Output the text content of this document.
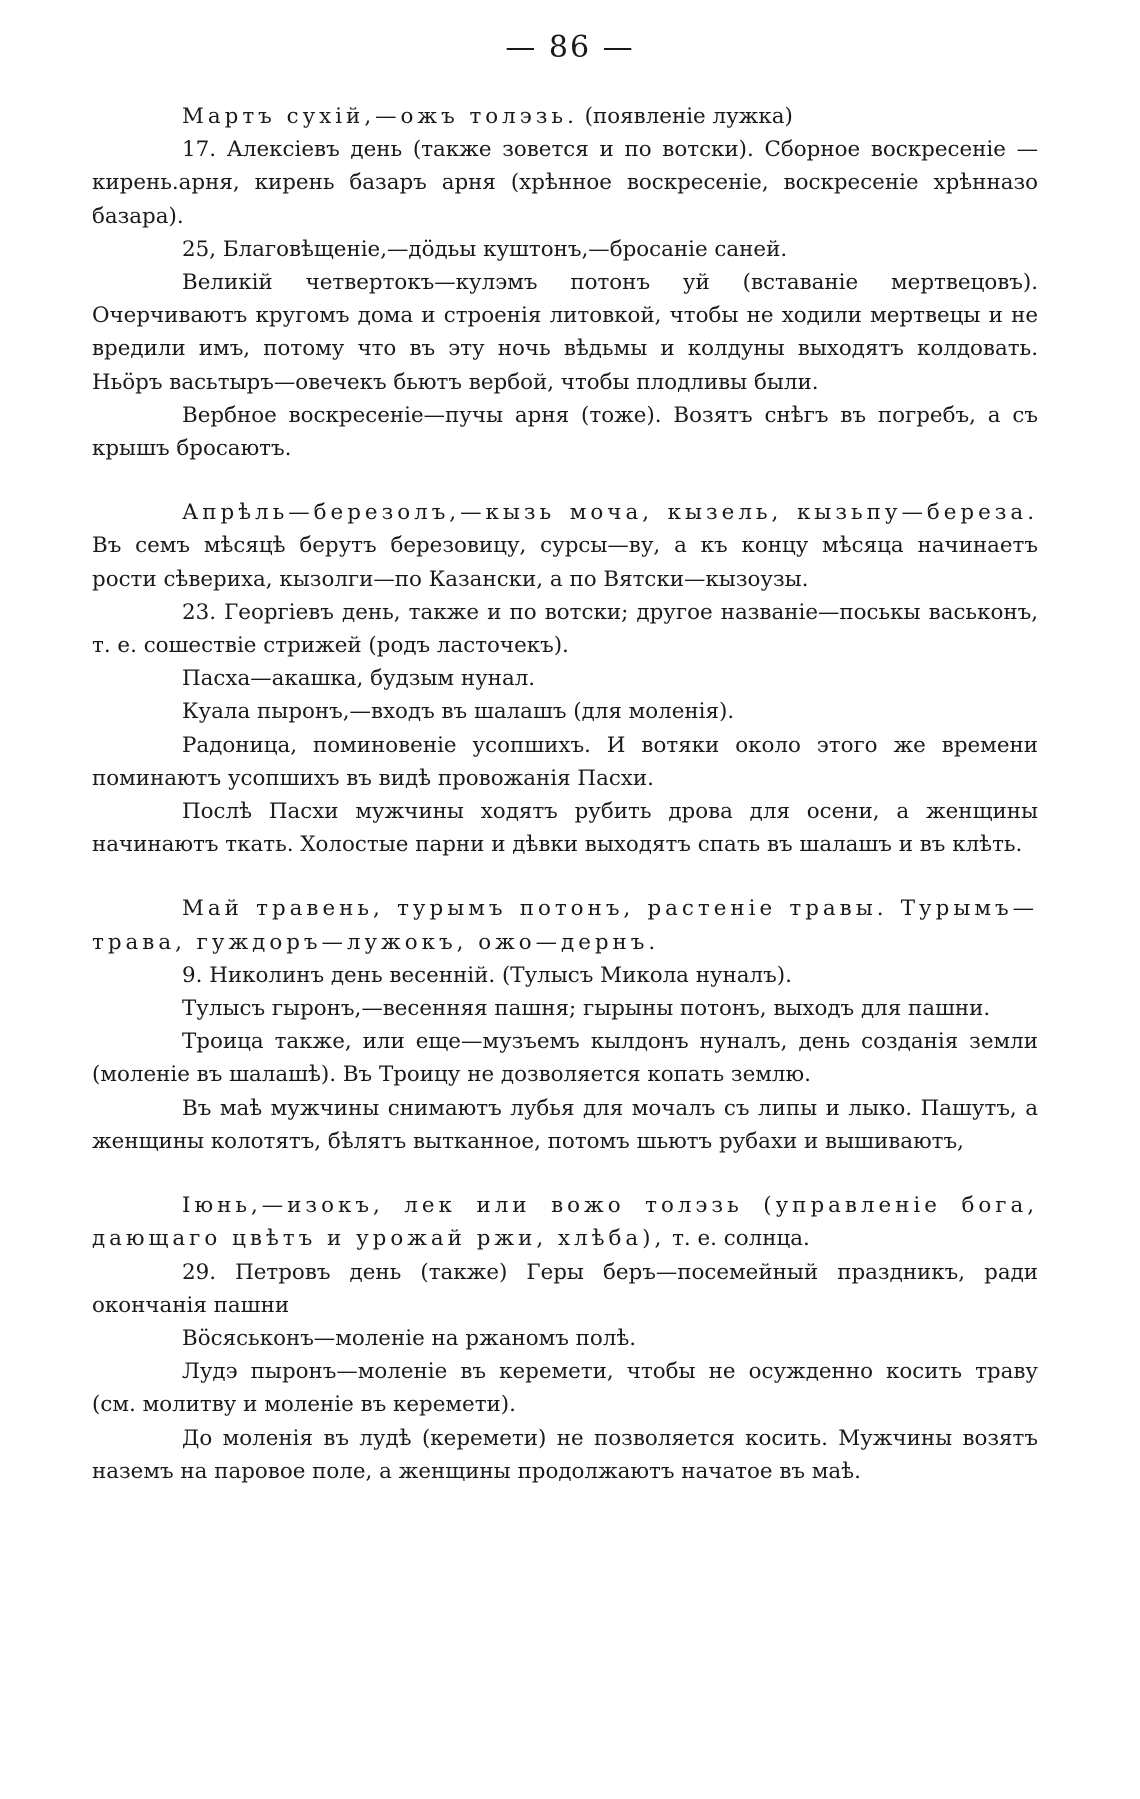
— 86 —

Мартъ сухій,—ожъ толэзь. (появленіе лужка)

17. Алексіевъ день (также зовется и по вотски). Сборное воскресеніе —кирень.арня, кирень базаръ арня (хрѣнное воскресеніе, воскресеніе хрѣнназо базара).

25, Благовѣщеніе,—дöдьы куштонъ,—бросаніе саней.

Великій четвертокъ—кулэмъ потонъ уй (вставаніе мертвецовъ). Очерчиваютъ кругомъ дома и строенія литовкой, чтобы не ходили мертвецы и не вредили имъ, потому что въ эту ночь вѣдьмы и колдуны выходятъ колдовать. Ньöръ васьтыръ—овечекъ бьютъ вербой, чтобы плодливы были.

Вербное воскресеніе—пучы арня (тоже). Возятъ снѣгъ въ погребъ, а съ крышъ бросаютъ.

Апрѣль—березолъ,—кызь моча, кызель, кызьпу—береза. Въ семъ мѣсяцѣ берутъ березовицу, сурсы—ву, а къ концу мѣсяца начинаетъ рости сѣвериха, кызолги—по Казански, а по Вятски—кызоузы.

23. Георгіевъ день, также и по вотски; другое названіе—поськы васьконъ, т. е. сошествіе стрижей (родъ ласточекъ).

Пасха—акашка, будзым нунал.

Куала пыронъ,—входъ въ шалашъ (для моленія).

Радоница, поминовеніе усопшихъ. И вотяки около этого же времени поминаютъ усопшихъ въ видѣ провожанія Пасхи.

Послѣ Пасхи мужчины ходятъ рубить дрова для осени, а женщины начинаютъ ткать. Холостые парни и дѣвки выходятъ спать въ шалашъ и въ клѣть.

Май травень, турымъ потонъ, растеніе травы. Турымъ—трава, гуждоръ—лужокъ, ожо—дернъ.

9. Николинъ день весенній. (Тулысъ Микола нуналъ).

Тулысъ гыронъ,—весенняя пашня; гырыны потонъ, выходъ для пашни.

Троица также, или еще—музъемъ кылдонъ нуналъ, день созданія земли (моленіе въ шалашѣ). Въ Троицу не дозволяется копать землю.

Въ маѣ мужчины снимаютъ лубья для мочалъ съ липы и лыко. Пашутъ, а женщины колотятъ, бѣлятъ вытканное, потомъ шьютъ рубахи и вышиваютъ,

Іюнь,—изокъ, лек или вожо толэзь (управленіе бога, дающаго цвѣтъ и урожай ржи, хлѣба), т. е. солнца.

29. Петровъ день (также) Геры беръ—посемейный праздникъ, ради окончанія пашни

Вöсяськонъ—моленіе на ржаномъ полѣ.

Лудэ пыронъ—моленіе въ керемети, чтобы не осужденно косить траву (см. молитву и моленіе въ керемети).

До моленія въ лудѣ (керемети) не позволяется косить. Мужчины возятъ наземъ на паровое поле, а женщины продолжаютъ начатое въ маѣ.
